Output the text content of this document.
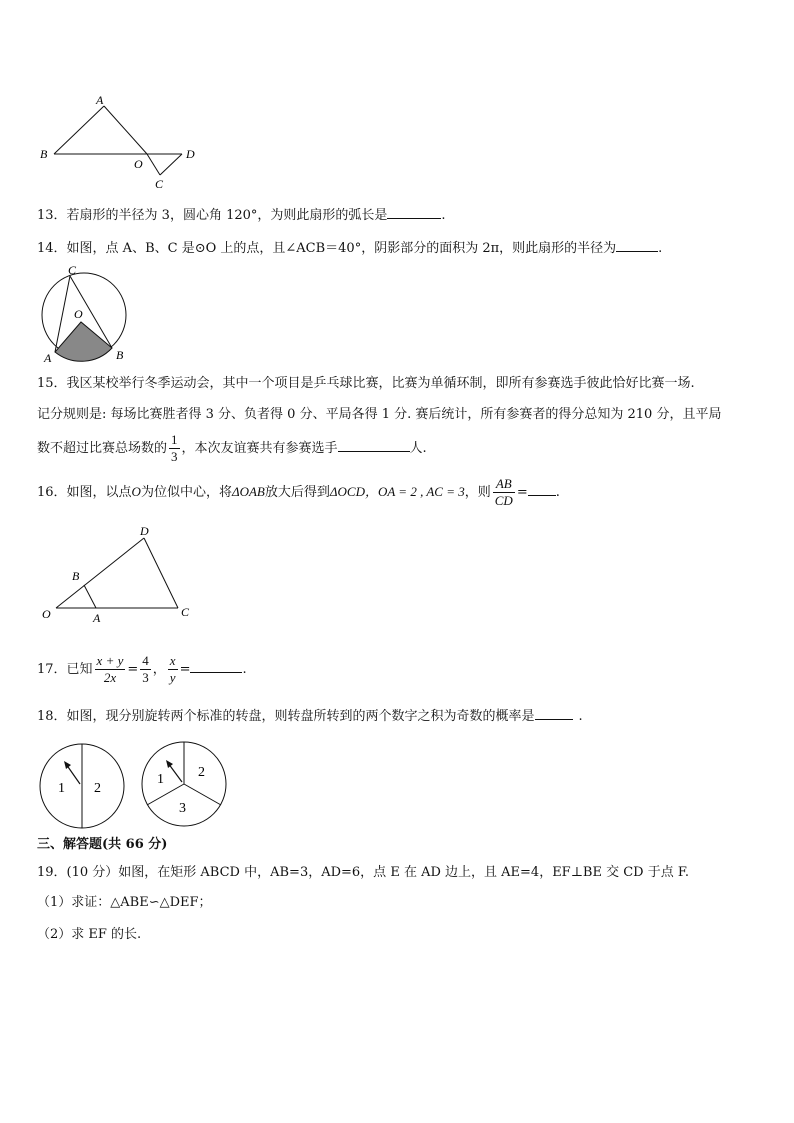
A
B
O
D
C
13．若扇形的半径为 3，圆心角 120°，为则此扇形的弧长是	.
14．如图，点 A、B、C 是⊙O 上的点，且∠ACB＝40°，阴影部分的面积为 2π，则此扇形的半径为	.
C
O
A	B
15．我区某校举行冬季运动会，其中一个项目是乒乓球比赛，比赛为单循环制，即所有参赛选手彼此恰好比赛一场.
记分规则是: 每场比赛胜者得 3 分、负者得 0 分、平局各得 1 分. 赛后统计，所有参赛者的得分总知为 210 分，且平局
数不超过比赛总场数的 $\frac{1}{3}$ ，本次友谊赛共有参赛选手	人.
16．如图，以点O为位似中心，将ΔOAB放大后得到ΔOCD，OA = 2 , AC = 3，则 $\frac{AB}{CD}$ = .
D
B
O	A	C
17．已知 $\frac{x + y}{2x} = \frac{4}{3}$ ， $\frac{x}{y}$ =	.
18．如图，现分别旋转两个标准的转盘，则转盘所转到的两个数字之积为奇数的概率是	.
1 2
1 2
3
三、解答题(共 66 分)
19．(10 分）如图，在矩形 ABCD 中，AB=3，AD=6，点 E 在 AD 边上，且 AE=4，EF⊥BE 交 CD 于点 F.
（1）求证：△ABE∽△DEF；
（2）求 EF 的长.
